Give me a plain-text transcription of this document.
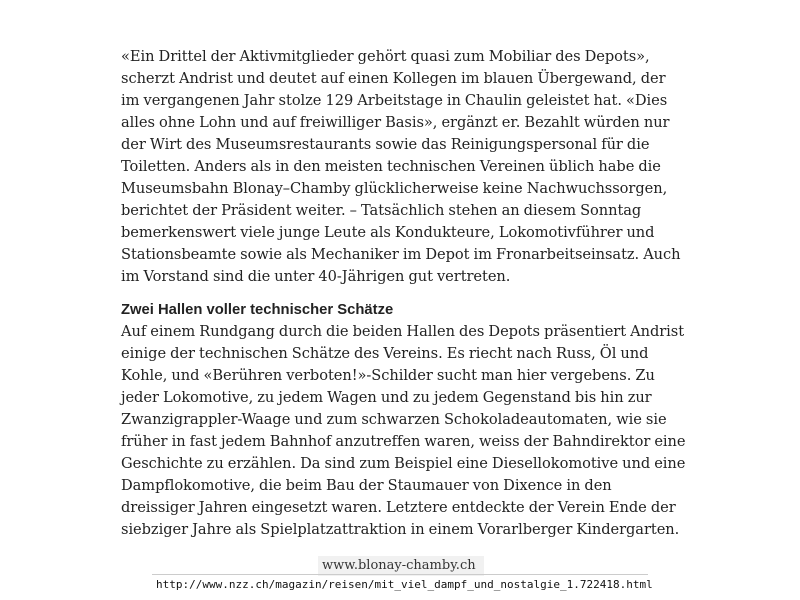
«Ein Drittel der Aktivmitglieder gehört quasi zum Mobiliar des Depots», scherzt Andrist und deutet auf einen Kollegen im blauen Übergewand, der im vergangenen Jahr stolze 129 Arbeitstage in Chaulin geleistet hat. «Dies alles ohne Lohn und auf freiwilliger Basis», ergänzt er. Bezahlt würden nur der Wirt des Museumsrestaurants sowie das Reinigungspersonal für die Toiletten. Anders als in den meisten technischen Vereinen üblich habe die Museumsbahn Blonay–Chamby glücklicherweise keine Nachwuchssorgen, berichtet der Präsident weiter. – Tatsächlich stehen an diesem Sonntag bemerkenswert viele junge Leute als Kondukteure, Lokomotivführer und Stationsbeamte sowie als Mechaniker im Depot im Fronarbeitseinsatz. Auch im Vorstand sind die unter 40-Jährigen gut vertreten.

Zwei Hallen voller technischer Schätze

Auf einem Rundgang durch die beiden Hallen des Depots präsentiert Andrist einige der technischen Schätze des Vereins. Es riecht nach Russ, Öl und Kohle, und «Berühren verboten!»-Schilder sucht man hier vergebens. Zu jeder Lokomotive, zu jedem Wagen und zu jedem Gegenstand bis hin zur Zwanzigrappler-Waage und zum schwarzen Schokoladeautomaten, wie sie früher in fast jedem Bahnhof anzutreffen waren, weiss der Bahndirektor eine Geschichte zu erzählen. Da sind zum Beispiel eine Diesellokomotive und eine Dampflokomotive, die beim Bau der Staumauer von Dixence in den dreissiger Jahren eingesetzt waren. Letztere entdeckte der Verein Ende der siebziger Jahre als Spielplatzattraktion in einem Vorarlberger Kindergarten.

www.blonay-chamby.ch
http://www.nzz.ch/magazin/reisen/mit_viel_dampf_und_nostalgie_1.722418.html
